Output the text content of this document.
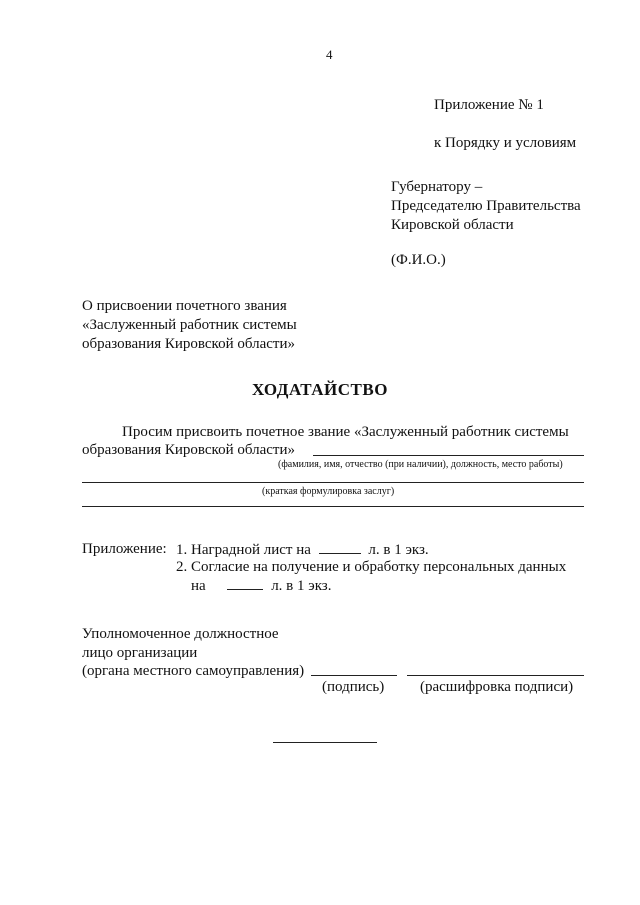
4
Приложение № 1
к Порядку и условиям
Губернатору –
Председателю Правительства
Кировской области
(Ф.И.О.)
О присвоении почетного звания
«Заслуженный работник системы
образования Кировской области»
ХОДАТАЙСТВО
Просим присвоить почетное звание «Заслуженный работник системы
образования Кировской области»
(фамилия, имя, отчество (при наличии), должность, место работы)
(краткая формулировка заслуг)
Приложение: 1. Наградной лист на	л. в 1 экз.
2. Согласие на получение и обработку персональных данных
на	л. в 1 экз.
Уполномоченное должностное
лицо организации
(органа местного самоуправления)
(подпись) (расшифровка подписи)
